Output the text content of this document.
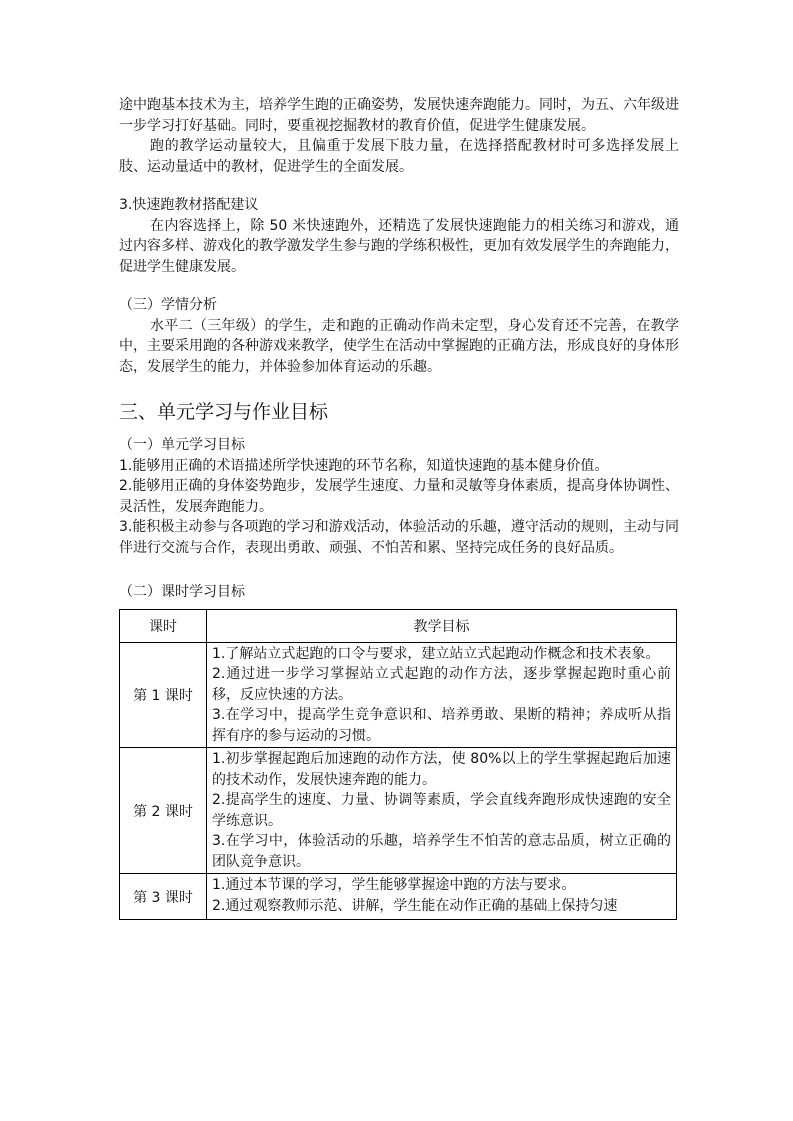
途中跑基本技术为主，培养学生跑的正确姿势，发展快速奔跑能力。同时，为五、六年级进一步学习打好基础。同时，要重视挖掘教材的教育价值，促进学生健康发展。

跑的教学运动量较大，且偏重于发展下肢力量，在选择搭配教材时可多选择发展上肢、运动量适中的教材，促进学生的全面发展。

3.快速跑教材搭配建议

在内容选择上，除 50 米快速跑外，还精选了发展快速跑能力的相关练习和游戏，通过内容多样、游戏化的教学激发学生参与跑的学练积极性，更加有效发展学生的奔跑能力，促进学生健康发展。

（三）学情分析

水平二（三年级）的学生，走和跑的正确动作尚未定型，身心发育还不完善，在教学中，主要采用跑的各种游戏来教学，使学生在活动中掌握跑的正确方法，形成良好的身体形态，发展学生的能力，并体验参加体育运动的乐趣。

三、单元学习与作业目标

（一）单元学习目标

1.能够用正确的术语描述所学快速跑的环节名称，知道快速跑的基本健身价值。

2.能够用正确的身体姿势跑步，发展学生速度、力量和灵敏等身体素质，提高身体协调性、灵活性，发展奔跑能力。

3.能积极主动参与各项跑的学习和游戏活动，体验活动的乐趣，遵守活动的规则，主动与同伴进行交流与合作，表现出勇敢、顽强、不怕苦和累、坚持完成任务的良好品质。

（二）课时学习目标

课时	教学目标
第 1 课时	1.了解站立式起跑的口令与要求，建立站立式起跑动作概念和技术表象。

2.通过进一步学习掌握站立式起跑的动作方法，逐步掌握起跑时重心前移，反应快速的方法。

3.在学习中，提高学生竞争意识和、培养勇敢、果断的精神；养成听从指挥有序的参与运动的习惯。

第 2 课时	1.初步掌握起跑后加速跑的动作方法，使 80%以上的学生掌握起跑后加速的技术动作，发展快速奔跑的能力。

2.提高学生的速度、力量、协调等素质，学会直线奔跑形成快速跑的安全学练意识。

3.在学习中，体验活动的乐趣，培养学生不怕苦的意志品质，树立正确的团队竞争意识。

第 3 课时	1.通过本节课的学习，学生能够掌握途中跑的方法与要求。

2.通过观察教师示范、讲解，学生能在动作正确的基础上保持匀速
